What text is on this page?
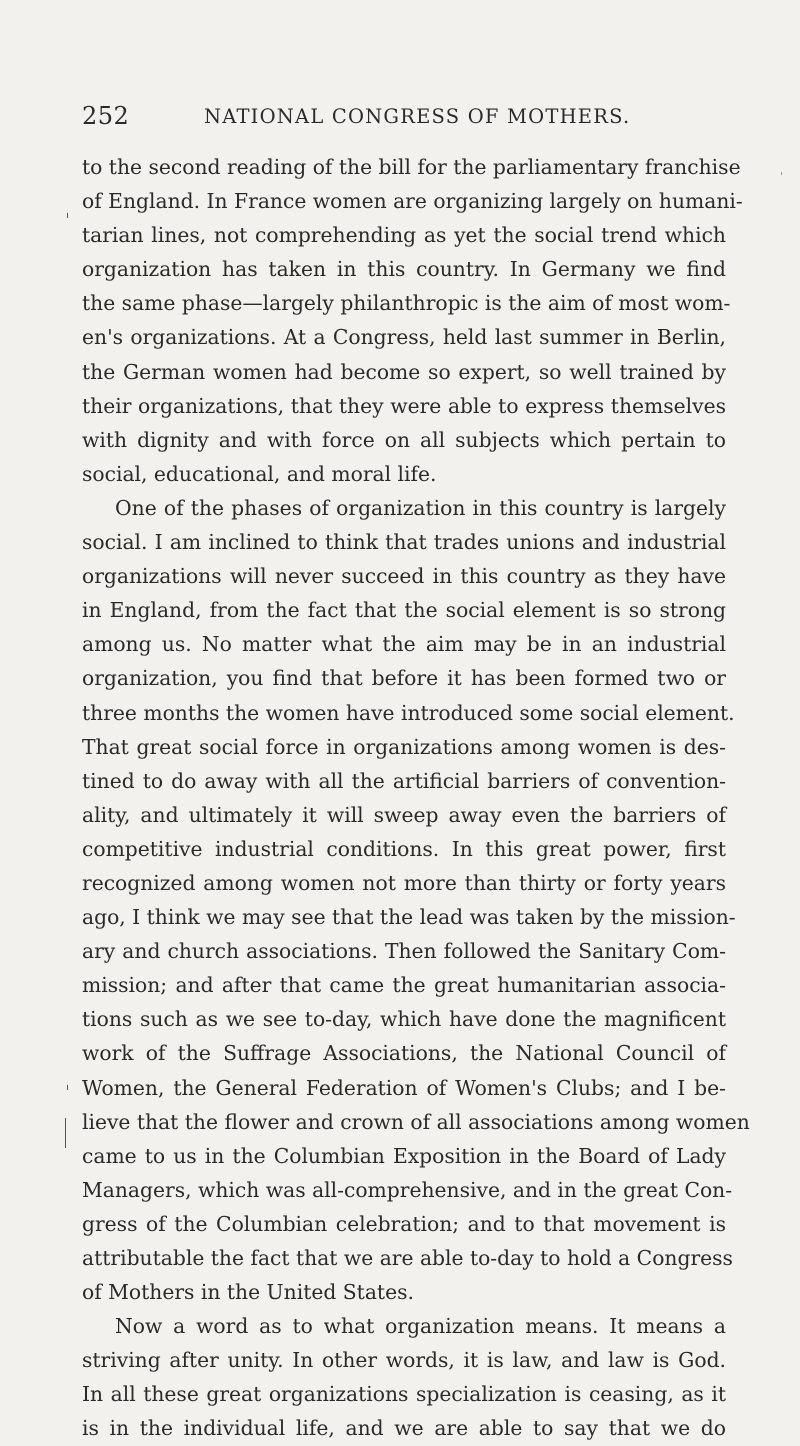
252	NATIONAL CONGRESS OF MOTHERS.
to the second reading of the bill for the parliamentary franchise
of England. In France women are organizing largely on humani-
tarian lines, not comprehending as yet the social trend which
organization has taken in this country. In Germany we find
the same phase—largely philanthropic is the aim of most wom-
en's organizations. At a Congress, held last summer in Berlin,
the German women had become so expert, so well trained by
their organizations, that they were able to express themselves
with dignity and with force on all subjects which pertain to
social, educational, and moral life.
One of the phases of organization in this country is largely
social. I am inclined to think that trades unions and industrial
organizations will never succeed in this country as they have
in England, from the fact that the social element is so strong
among us. No matter what the aim may be in an industrial
organization, you find that before it has been formed two or
three months the women have introduced some social element.
That great social force in organizations among women is des-
tined to do away with all the artificial barriers of convention-
ality, and ultimately it will sweep away even the barriers of
competitive industrial conditions. In this great power, first
recognized among women not more than thirty or forty years
ago, I think we may see that the lead was taken by the mission-
ary and church associations. Then followed the Sanitary Com-
mission; and after that came the great humanitarian associa-
tions such as we see to-day, which have done the magnificent
work of the Suffrage Associations, the National Council of
Women, the General Federation of Women's Clubs; and I be-
lieve that the flower and crown of all associations among women
came to us in the Columbian Exposition in the Board of Lady
Managers, which was all-comprehensive, and in the great Con-
gress of the Columbian celebration; and to that movement is
attributable the fact that we are able to-day to hold a Congress
of Mothers in the United States.
Now a word as to what organization means. It means a
striving after unity. In other words, it is law, and law is God.
In all these great organizations specialization is ceasing, as it
is in the individual life, and we are able to say that we do
